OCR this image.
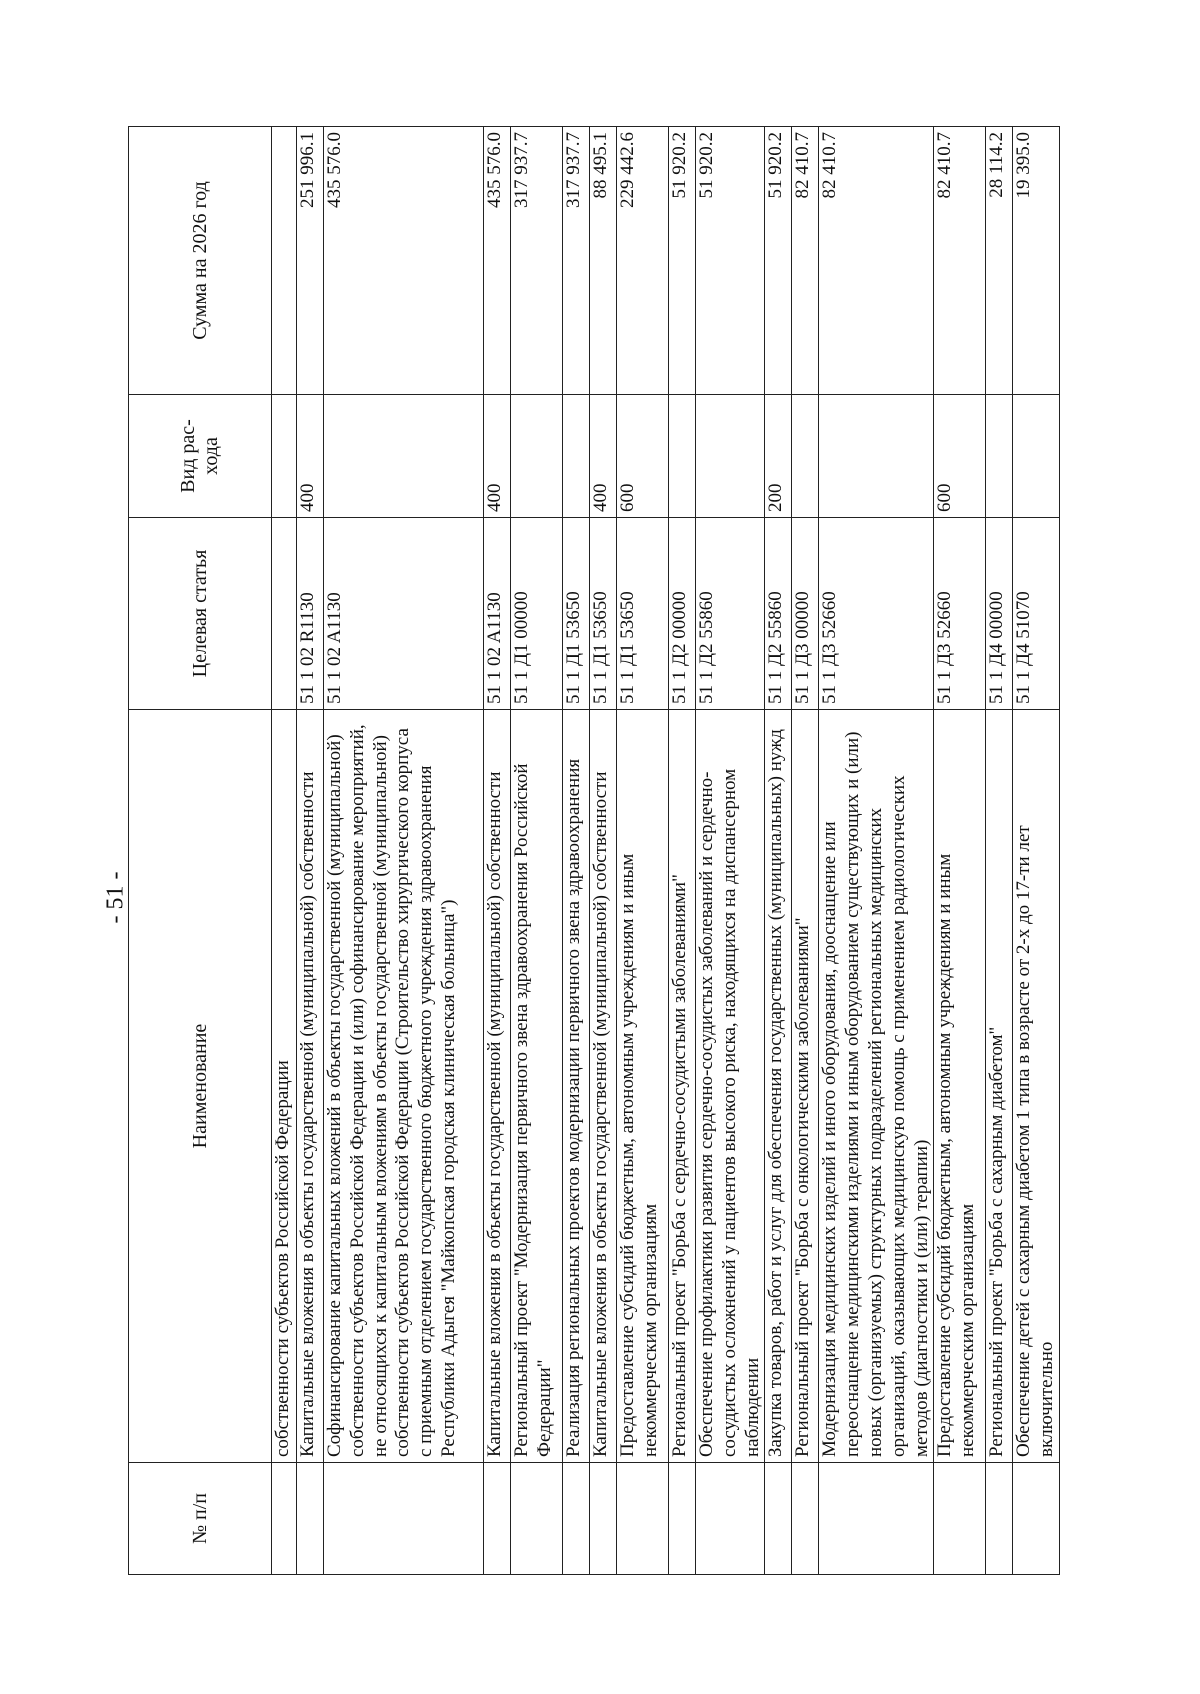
- 51 -
№ п/п	Наименование	Целевая статья	Вид рас- хода	Сумма на 2026 год
	собственности субъектов Российской Федерации			
	Капитальные вложения в объекты государственной (муниципальной) собственности	51 1 02 R1130	400	251 996.1
	Софинансирование капитальных вложений в объекты государственной (муниципальной) собственности субъектов Российской Федерации и (или) софинансирование мероприятий, не относящихся к капитальным вложениям в объекты государственной (муниципальной) собственности субъектов Российской Федерации (Строительство хирургического корпуса с приемным отделением государственного бюджетного учреждения здравоохранения Республики Адыгея "Майкопская городская клиническая больница")	51 1 02 A1130		435 576.0
	Капитальные вложения в объекты государственной (муниципальной) собственности	51 1 02 A1130	400	435 576.0
	Региональный проект "Модернизация первичного звена здравоохранения Российской Федерации"	51 1 Д1 00000		317 937.7
	Реализация региональных проектов модернизации первичного звена здравоохранения	51 1 Д1 53650		317 937.7
	Капитальные вложения в объекты государственной (муниципальной) собственности	51 1 Д1 53650	400	88 495.1
	Предоставление субсидий бюджетным, автономным учреждениям и иным некоммерческим организациям	51 1 Д1 53650	600	229 442.6
	Региональный проект "Борьба с сердечно-сосудистыми заболеваниями"	51 1 Д2 00000		51 920.2
	Обеспечение профилактики развития сердечно-сосудистых заболеваний и сердечно-сосудистых осложнений у пациентов высокого риска, находящихся на диспансерном наблюдении	51 1 Д2 55860		51 920.2
	Закупка товаров, работ и услуг для обеспечения государственных (муниципальных) нужд	51 1 Д2 55860	200	51 920.2
	Региональный проект "Борьба с онкологическими заболеваниями"	51 1 Д3 00000		82 410.7
	Модернизация медицинских изделий и иного оборудования, дооснащение или переоснащение медицинскими изделиями и иным оборудованием существующих и (или) новых (организуемых) структурных подразделений региональных медицинских организаций, оказывающих медицинскую помощь с применением радиологических методов (диагностики и (или) терапии)	51 1 Д3 52660		82 410.7
	Предоставление субсидий бюджетным, автономным учреждениям и иным некоммерческим организациям	51 1 Д3 52660	600	82 410.7
	Региональный проект "Борьба с сахарным диабетом"	51 1 Д4 00000		28 114.2
	Обеспечение детей с сахарным диабетом 1 типа в возрасте от 2-х до 17-ти лет включительно	51 1 Д4 51070		19 395.0
